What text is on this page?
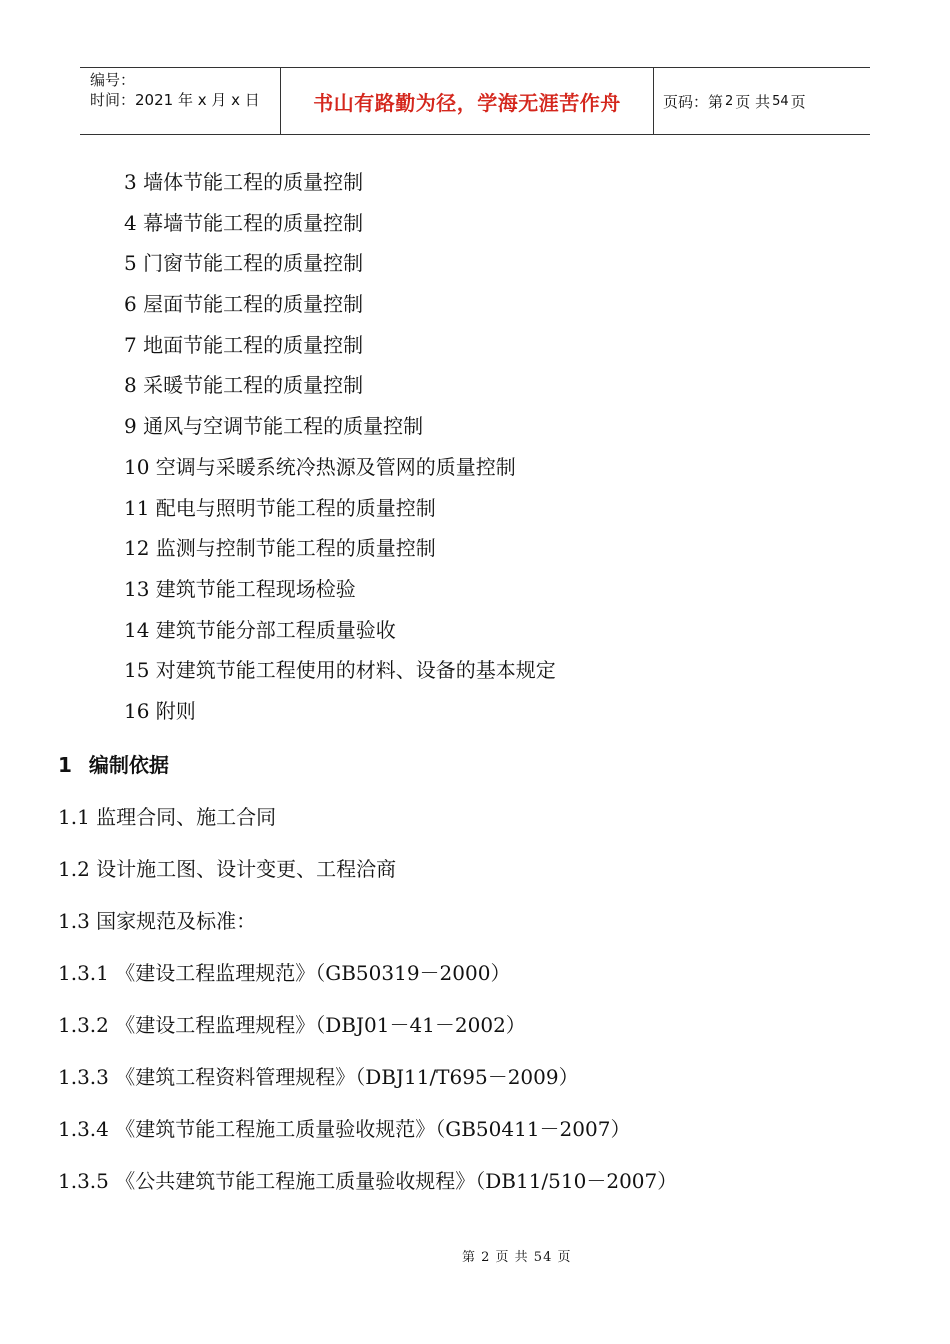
编号：
时间：2021 年 x 月 x 日	书山有路勤为径，学海无涯苦作舟	页码：第 2 页 共 54 页
3 墙体节能工程的质量控制
4 幕墙节能工程的质量控制
5 门窗节能工程的质量控制
6 屋面节能工程的质量控制
7 地面节能工程的质量控制
8 采暖节能工程的质量控制
9 通风与空调节能工程的质量控制
10 空调与采暖系统冷热源及管网的质量控制
11 配电与照明节能工程的质量控制
12 监测与控制节能工程的质量控制
13 建筑节能工程现场检验
14 建筑节能分部工程质量验收
15 对建筑节能工程使用的材料、设备的基本规定
16 附则
1 编制依据
1.1 监理合同、施工合同
1.2 设计施工图、设计变更、工程洽商
1.3 国家规范及标准：
1.3.1 《建设工程监理规范》（GB50319－2000）
1.3.2 《建设工程监理规程》（DBJ01－41－2002）
1.3.3 《建筑工程资料管理规程》（DBJ11/T695－2009）
1.3.4 《建筑节能工程施工质量验收规范》（GB50411－2007）
1.3.5 《公共建筑节能工程施工质量验收规程》（DB11/510－2007）
第 2 页 共 54 页
